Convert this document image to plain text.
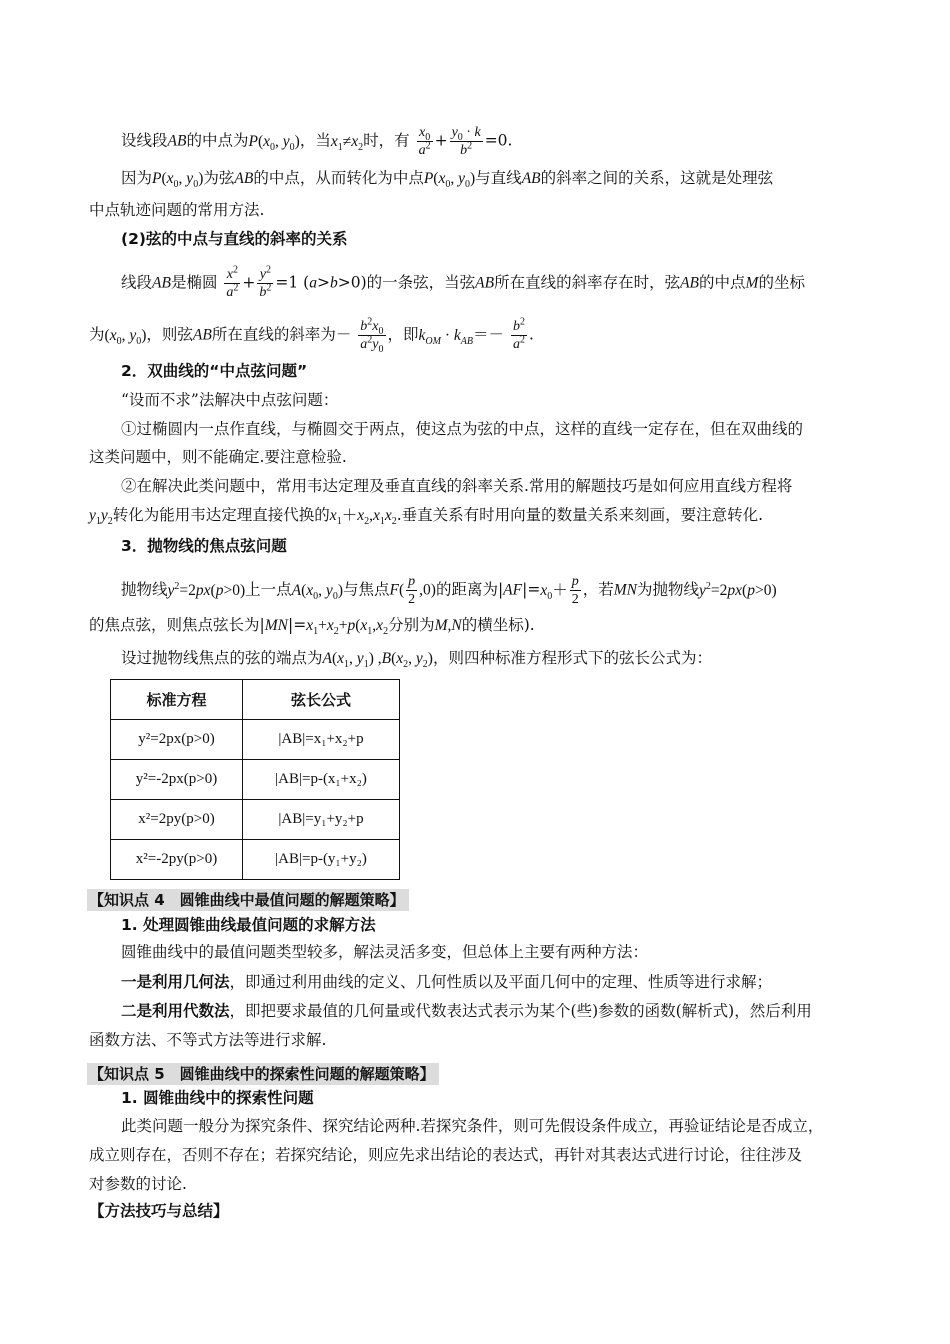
设线段AB的中点为$P(x_0$, $y_0$)，当$x_1\ne x_2$时，有 $\frac{x_0}{a^2} + \frac{y_0 \cdot k}{b^2} =0$.
因为$P(x_0$, $y_0$)为弦AB的中点，从而转化为中点$P(x_0$, $y_0$)与直线AB的斜率之间的关系，这就是处理弦
中点轨迹问题的常用方法.
(2)弦的中点与直线的斜率的关系
线段AB是椭圆 $\frac{x^2}{a^2} + \frac{y^2}{b^2} =1$ (a>b>0)的一条弦，当弦AB所在直线的斜率存在时，弦AB的中点M的坐标
为($x_0$, $y_0$)，则弦AB所在直线的斜率为－ $\frac{b^2x_0}{a^2y_0}$ ，即$k_{OM} \cdot k_{AB}=- \frac{b^2}{a^2}$ .
2．双曲线的“中点弦问题”
“设而不求”法解决中点弦问题：
①过椭圆内一点作直线，与椭圆交于两点，使这点为弦的中点，这样的直线一定存在，但在双曲线的
这类问题中，则不能确定.要注意检验.
②在解决此类问题中，常用韦达定理及垂直直线的斜率关系.常用的解题技巧是如何应用直线方程将
$y_1y_2$转化为能用韦达定理直接代换的$x_1+x_2,x_1x_2$.垂直关系有时用向量的数量关系来刻画，要注意转化.
3．抛物线的焦点弦问题
抛物线$y^2=2px(p>0)$上一点$A(x_0$, $y_0$)与焦点$F( \frac{p}{2} ,0)$的距离为$|AF|=x_0+ \frac{p}{2}$ ，若MN为抛物线$y^2=2px(p>0)$
的焦点弦，则焦点弦长为$|MN|=x_1+x_2+p(x_1,x_2$分别为M,N的横坐标).
设过抛物线焦点的弦的端点为$A(x_1$, $y_1$) $,B(x_2$, $y_2$)，则四种标准方程形式下的弦长公式为：
标准方程	弦长公式
y²=2px(p>0)	|AB|=x₁+x₂+p
y²=-2px(p>0)	|AB|=p-(x₁+x₂)
x²=2py(p>0)	|AB|=y₁+y₂+p
x²=-2py(p>0)	|AB|=p-(y₁+y₂)
【知识点 4　圆锥曲线中最值问题的解题策略】
1. 处理圆锥曲线最值问题的求解方法
圆锥曲线中的最值问题类型较多，解法灵活多变，但总体上主要有两种方法：
一是利用几何法，即通过利用曲线的定义、几何性质以及平面几何中的定理、性质等进行求解；
二是利用代数法，即把要求最值的几何量或代数表达式表示为某个(些)参数的函数(解析式)，然后利用
函数方法、不等式方法等进行求解.
【知识点 5　圆锥曲线中的探索性问题的解题策略】
1. 圆锥曲线中的探索性问题
此类问题一般分为探究条件、探究结论两种.若探究条件，则可先假设条件成立，再验证结论是否成立，
成立则存在，否则不存在；若探究结论，则应先求出结论的表达式，再针对其表达式进行讨论，往往涉及
对参数的讨论.
【方法技巧与总结】
